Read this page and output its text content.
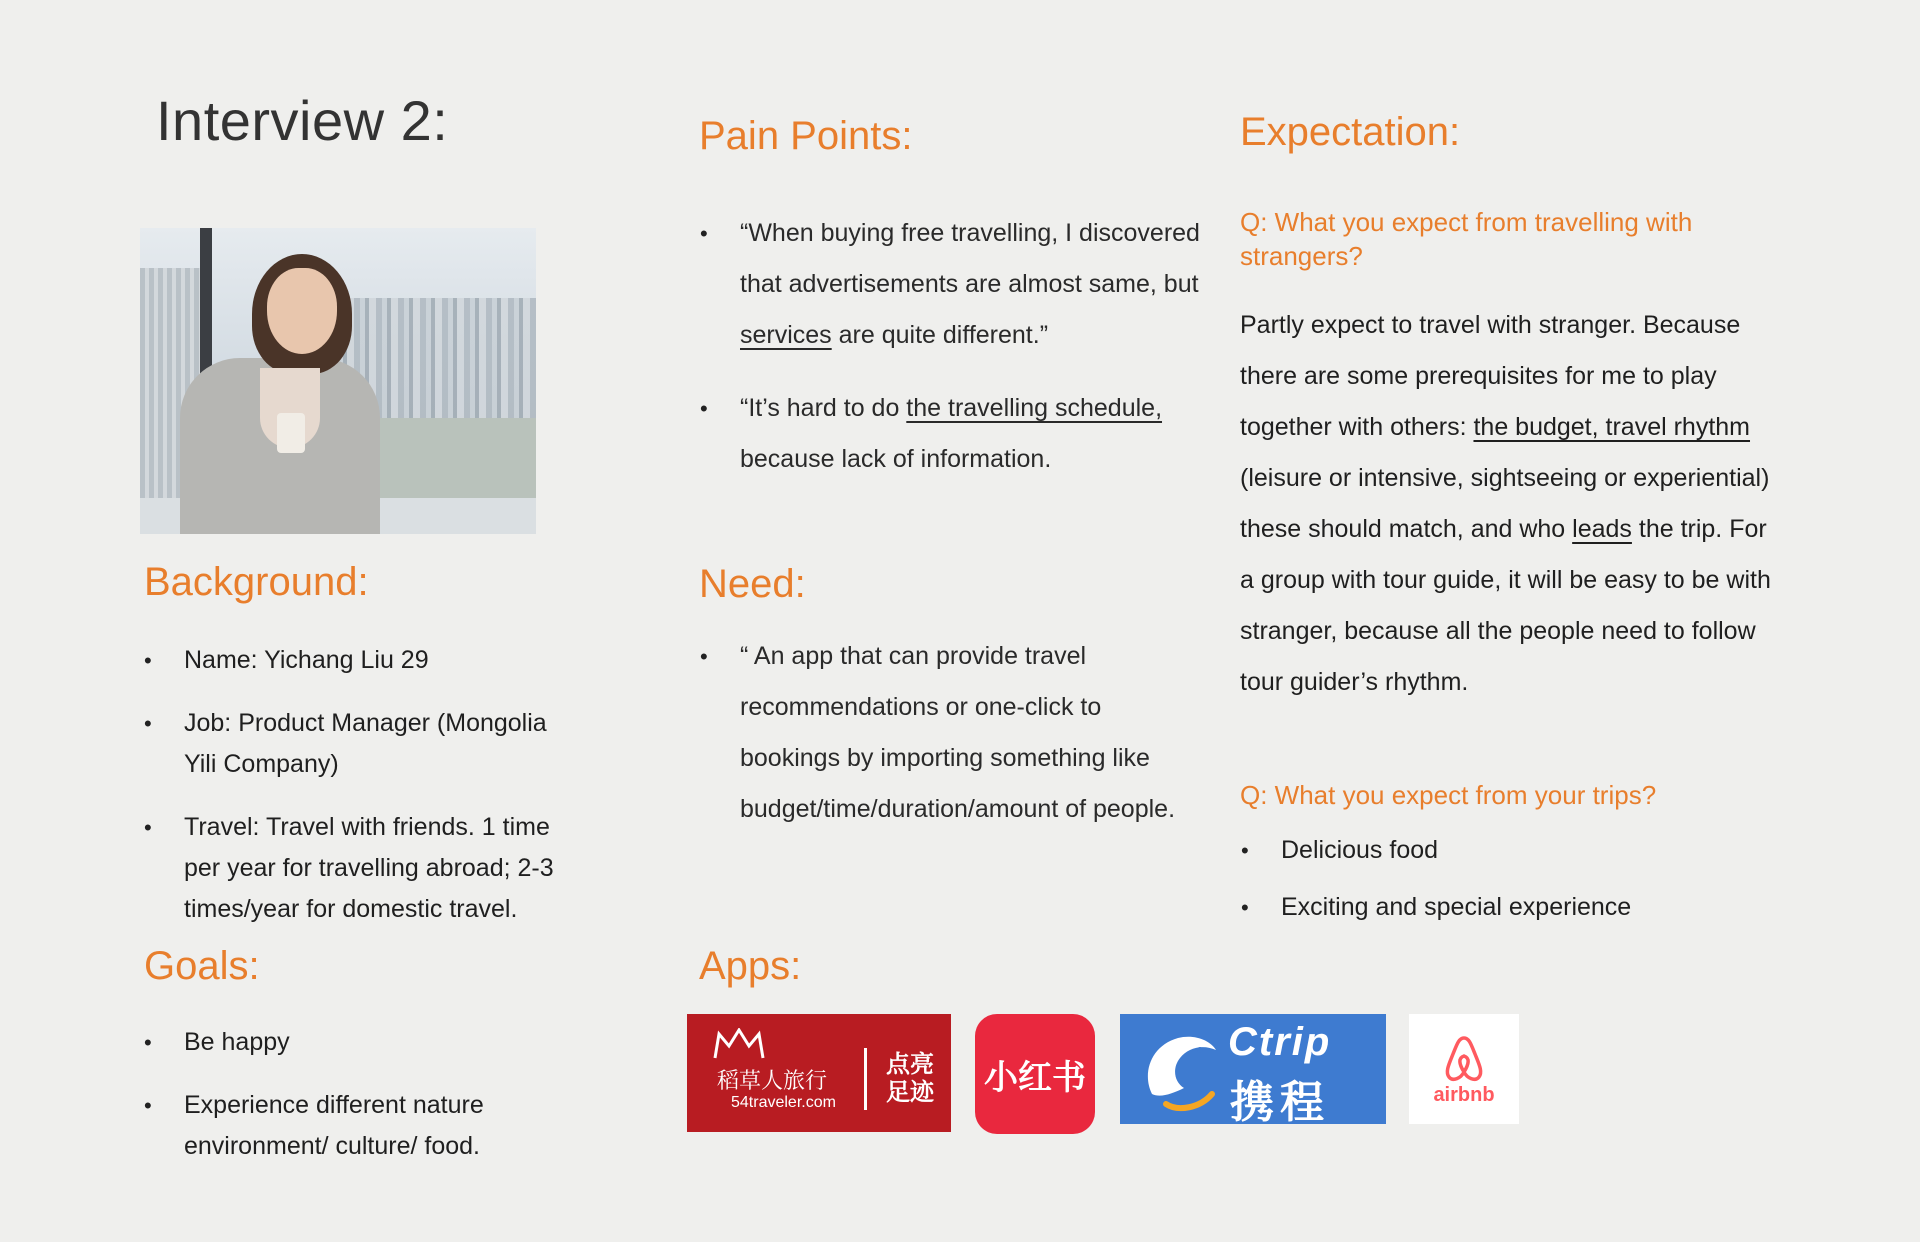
Interview 2:
Background:
• Name: Yichang Liu 29
• Job: Product Manager (Mongolia Yili Company)
• Travel: Travel with friends. 1 time per year for travelling abroad; 2-3 times/year for domestic travel.
Goals:
• Be happy
• Experience different nature environment/ culture/ food.
Pain Points:
• “When buying free travelling, I discovered that advertisements are almost same, but services are quite different.”
• “It’s hard to do the travelling schedule, because lack of information.
Need:
• “ An app that can provide travel recommendations or one-click to bookings by importing something like budget/time/duration/amount of people.
Apps:
稻草人旅行
54traveler.com
点亮足迹	小红书
Ctrip
携程	airbnb
Expectation:
Q: What you expect from travelling with strangers?
Partly expect to travel with stranger. Because there are some prerequisites for me to play together with others: the budget, travel rhythm (leisure or intensive, sightseeing or experiential) these should match, and who leads the trip. For a group with tour guide, it will be easy to be with stranger, because all the people need to follow tour guider’s rhythm.
Q: What you expect from your trips?
• Delicious food
• Exciting and special experience
